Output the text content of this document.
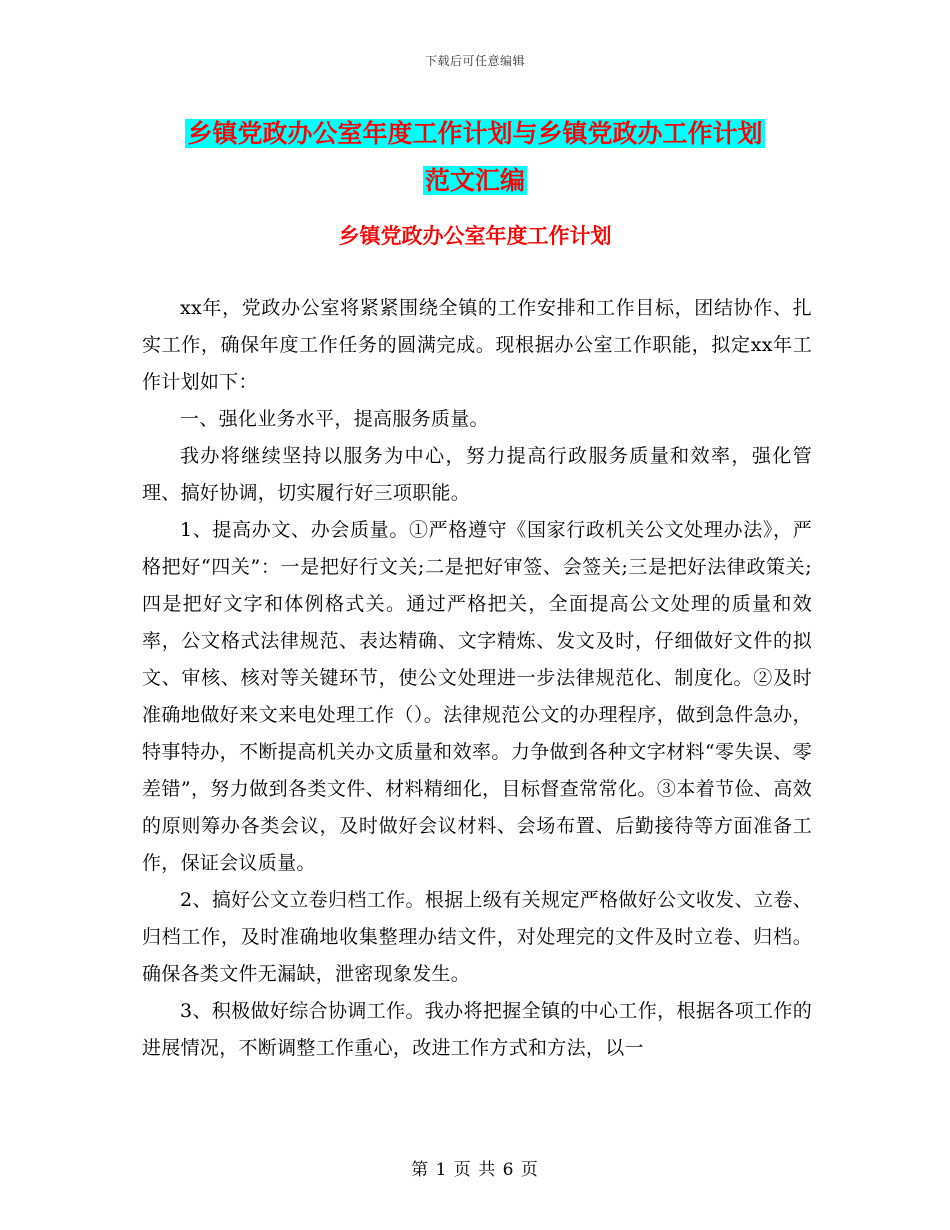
下载后可任意编辑
乡镇党政办公室年度工作计划与乡镇党政办工作计划
范文汇编
乡镇党政办公室年度工作计划

xx年，党政办公室将紧紧围绕全镇的工作安排和工作目标，团结协作、扎实工作，确保年度工作任务的圆满完成。现根据办公室工作职能，拟定xx年工作计划如下：

一、强化业务水平，提高服务质量。

我办将继续坚持以服务为中心，努力提高行政服务质量和效率，强化管理、搞好协调，切实履行好三项职能。

1、提高办文、办会质量。①严格遵守《国家行政机关公文处理办法》，严格把好“四关”：一是把好行文关;二是把好审签、会签关;三是把好法律政策关;四是把好文字和体例格式关。通过严格把关，全面提高公文处理的质量和效率，公文格式法律规范、表达精确、文字精炼、发文及时，仔细做好文件的拟文、审核、核对等关键环节，使公文处理进一步法律规范化、制度化。②及时准确地做好来文来电处理工作（）。法律规范公文的办理程序，做到急件急办，特事特办，不断提高机关办文质量和效率。力争做到各种文字材料“零失误、零差错”，努力做到各类文件、材料精细化，目标督查常常化。③本着节俭、高效的原则筹办各类会议，及时做好会议材料、会场布置、后勤接待等方面准备工作，保证会议质量。

2、搞好公文立卷归档工作。根据上级有关规定严格做好公文收发、立卷、归档工作，及时准确地收集整理办结文件，对处理完的文件及时立卷、归档。确保各类文件无漏缺，泄密现象发生。

3、积极做好综合协调工作。我办将把握全镇的中心工作，根据各项工作的进展情况，不断调整工作重心，改进工作方式和方法，以一

第 1 页 共 6 页
